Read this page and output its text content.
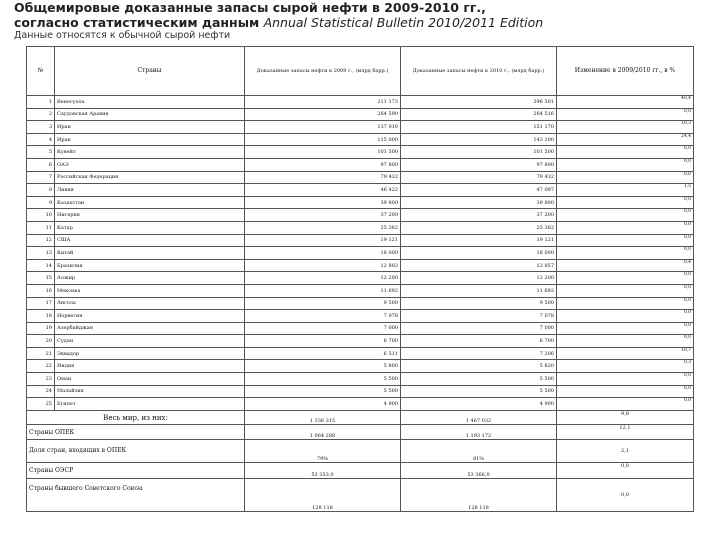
Общемировые доказанные запасы сырой нефти в 2009-2010 гг.,
согласно статистическим данным Annual Statistical Bulletin 2010/2011 Edition
Данные относятся к обычной сырой нефти
№	Страны	Доказанные запасы нефти к 2009 г., (млрд барр.)	Доказанные запасы нефти к 2010 г., (млрд барр.)	Изменение в 2009/2010 гг., в %
1	Венесуэла	211 173	296 501	40,4
2	Саудовская Аравия	264 590	264 516	0,0
3	Иран	137 010	151 170	10,3
4	Ирак	115 000	143 100	24,4
5	Кувейт	101 500	101 500	0,0
6	ОАЭ	97 800	97 800	0,0
7	Российская Федерация	79 432	79 432	0,0
8	Ливия	46 422	47 097	1,5
9	Казахстан	39 800	39 800	0,0
10	Нигерия	37 200	37 200	0,0
11	Катар	25 382	25 382	0,0
12	США	19 121	19 121	0,0
13	Китай	18 000	18 000	0,0
14	Бразилия	12 802	12 857	0,4
15	Алжир	12 200	12 200	0,0
16	Мексика	11 692	11 692	0,0
17	Ангола	9 500	9 500	0,0
18	Норвегия	7 078	7 078	0,0
19	Азербайджан	7 000	7 000	0,0
20	Судан	6 700	6 700	0,0
21	Эквадор	6 511	7 206	10,7
22	Индия	5 800	5 820	0,3
23	Оман	5 500	5 500	0,0
24	Малайзия	5 500	5 500	0,0
25	Египет	4 900	4 900	0,0
Весь мир, из них:		1 336 315	1 467 032	9,8
Страны ОПЕК		1 064 288	1 193 172	12,1
Доля стран, входящих в ОПЕК		79%	81%	2,1
Страны ОЭСР		53 353,0	53 366,0	0,0
Страны бывшего Советского Союза		128 118	128 118	0,0
